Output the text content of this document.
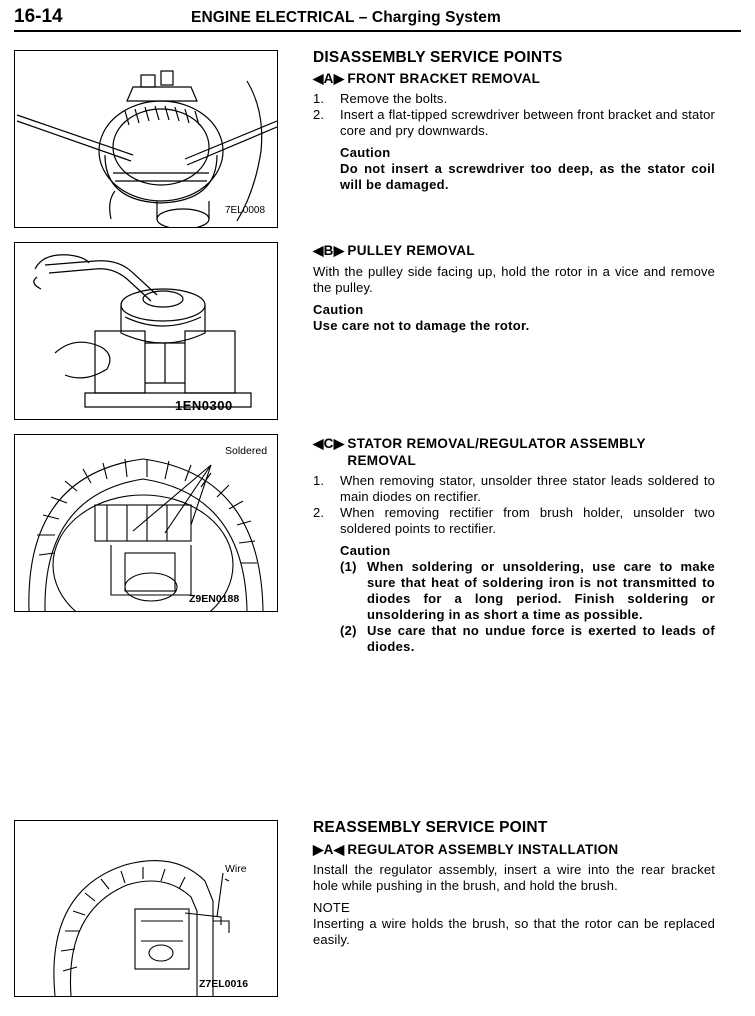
16-14	ENGINE ELECTRICAL – Charging System
7EL0008
1EN0300
Soldered
Z9EN0188
Wire
Z7EL0016
DISASSEMBLY SERVICE POINTS
◀A▶ FRONT BRACKET REMOVAL
1.	Remove the bolts.
2.	Insert a flat-tipped screwdriver between front bracket and stator core and pry downwards.
Caution
Do not insert a screwdriver too deep, as the stator coil will be damaged.
◀B▶ PULLEY REMOVAL
With the pulley side facing up, hold the rotor in a vice and remove the pulley.
Caution
Use care not to damage the rotor.
◀C▶ STATOR REMOVAL/REGULATOR ASSEMBLY REMOVAL
1.	When removing stator, unsolder three stator leads soldered to main diodes on rectifier.
2.	When removing rectifier from brush holder, unsolder two soldered points to rectifier.
Caution
(1) When soldering or unsoldering, use care to make sure that heat of soldering iron is not transmitted to diodes for a long period. Finish soldering or unsoldering in as short a time as possible.
(2) Use care that no undue force is exerted to leads of diodes.
REASSEMBLY SERVICE POINT
▶A◀ REGULATOR ASSEMBLY INSTALLATION
Install the regulator assembly, insert a wire into the rear bracket hole while pushing in the brush, and hold the brush.
NOTE
Inserting a wire holds the brush, so that the rotor can be replaced easily.
